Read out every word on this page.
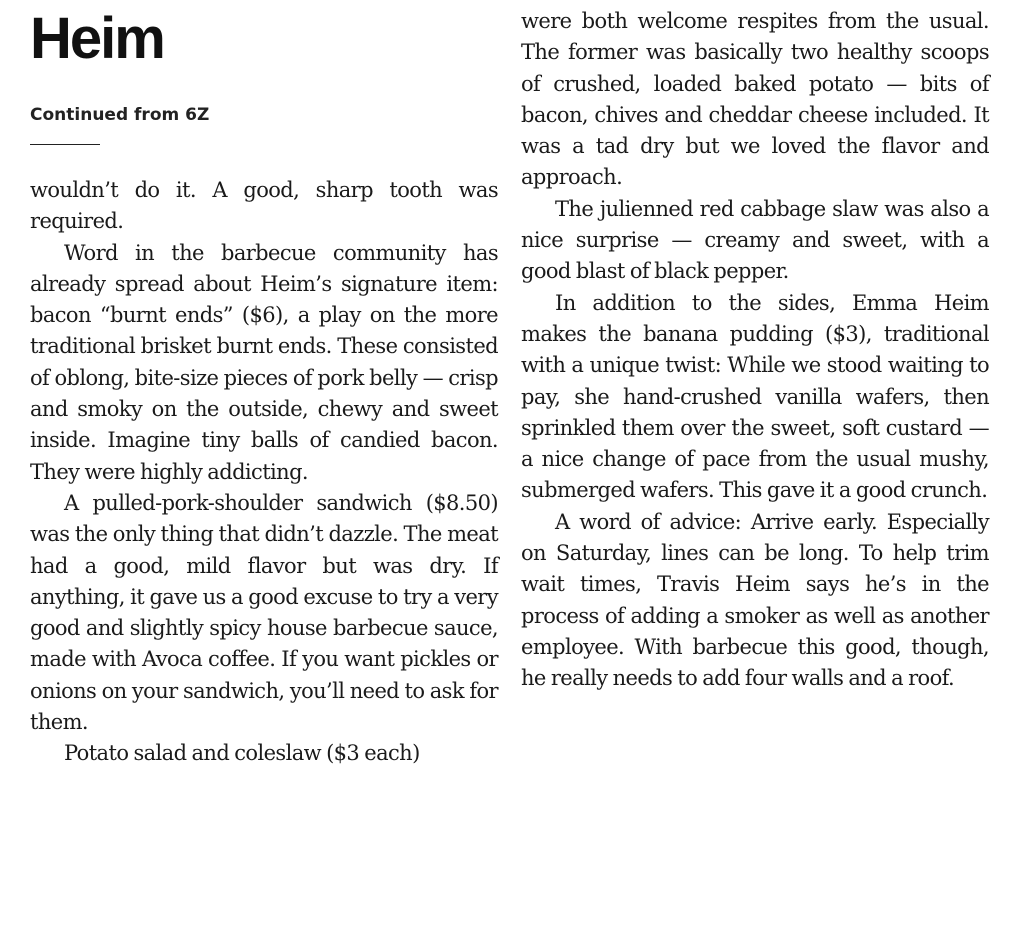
Heim
Continued from 6Z

wouldn’t do it. A good, sharp tooth was required.

Word in the barbecue community has already spread about Heim’s signature item: bacon “burnt ends” ($6), a play on the more traditional brisket burnt ends. These consisted of oblong, bite-size pieces of pork belly — crisp and smoky on the outside, chewy and sweet inside. Imagine tiny balls of candied bacon. They were highly addicting.

A pulled-pork-shoulder sandwich ($8.50) was the only thing that didn’t dazzle. The meat had a good, mild flavor but was dry. If anything, it gave us a good excuse to try a very good and slightly spicy house barbecue sauce, made with Avoca coffee. If you want pickles or onions on your sandwich, you’ll need to ask for them.

Potato salad and coleslaw ($3 each)

were both welcome respites from the usual. The former was basically two healthy scoops of crushed, loaded baked potato — bits of bacon, chives and cheddar cheese included. It was a tad dry but we loved the flavor and approach.

The julienned red cabbage slaw was also a nice surprise — creamy and sweet, with a good blast of black pepper.

In addition to the sides, Emma Heim makes the banana pudding ($3), traditional with a unique twist: While we stood waiting to pay, she hand-crushed vanilla wafers, then sprinkled them over the sweet, soft custard — a nice change of pace from the usual mushy, submerged wafers. This gave it a good crunch.

A word of advice: Arrive early. Especially on Saturday, lines can be long. To help trim wait times, Travis Heim says he’s in the process of adding a smoker as well as another employee. With barbecue this good, though, he really needs to add four walls and a roof.
